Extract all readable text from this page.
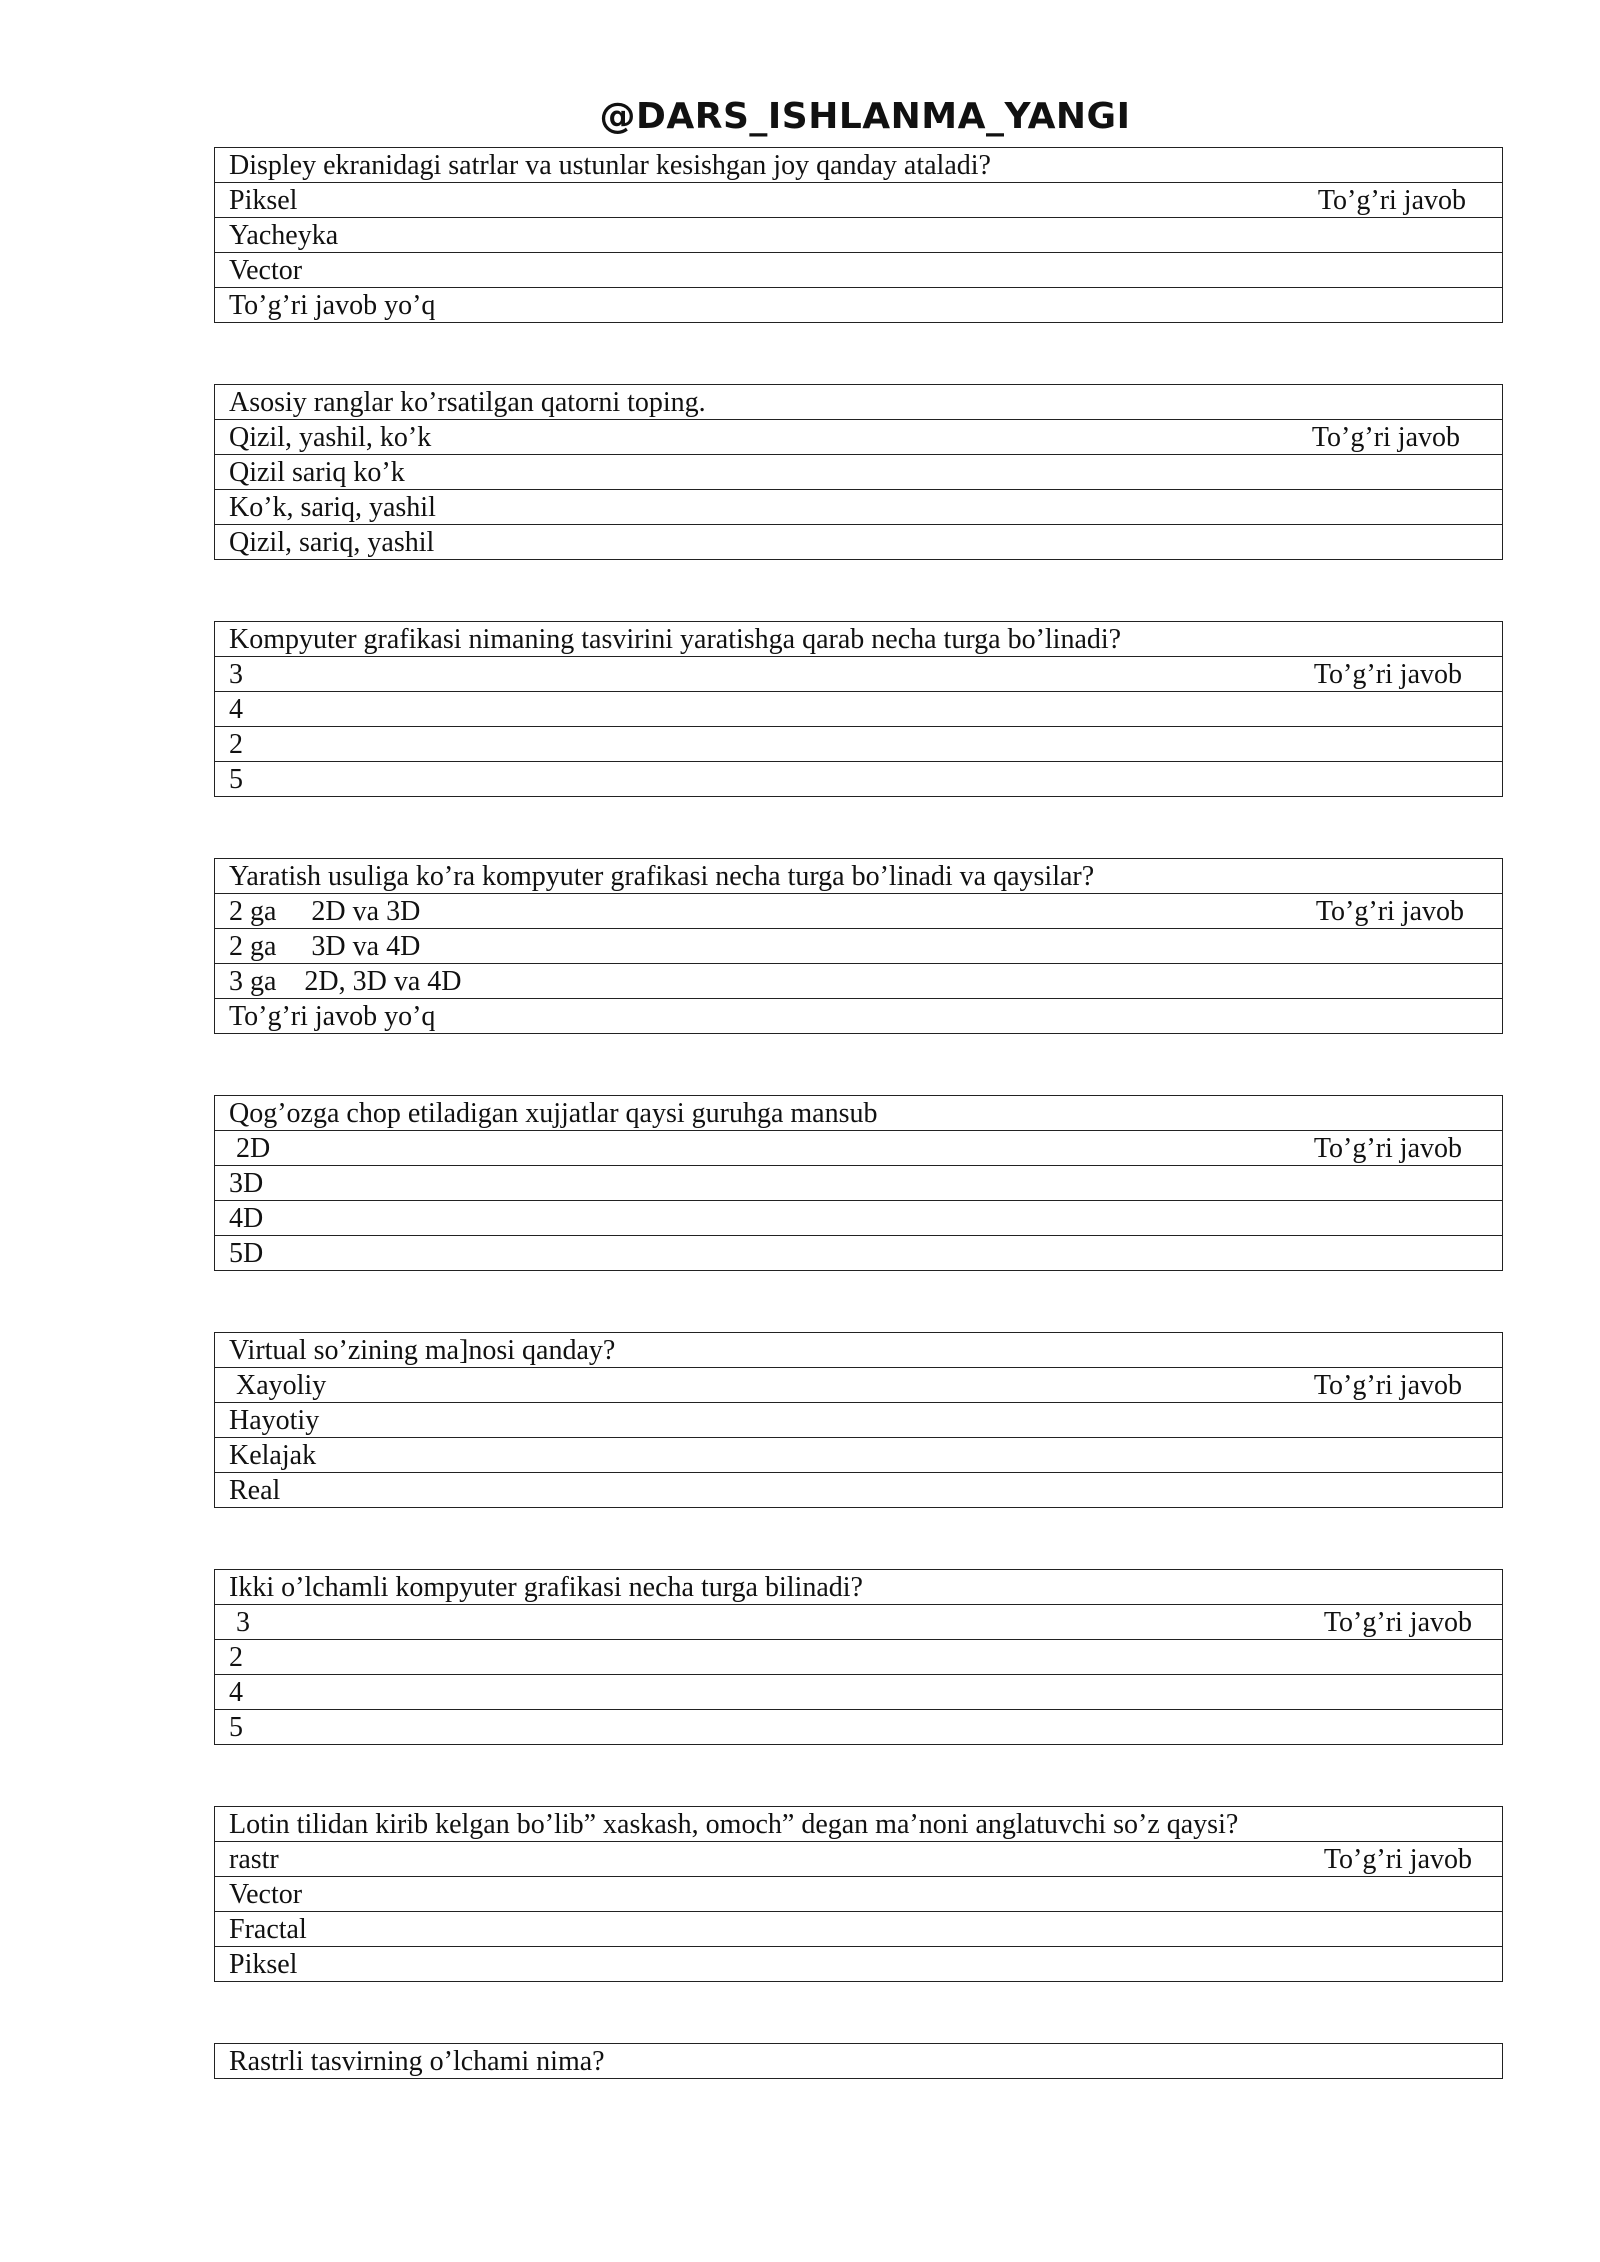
@DARS_ISHLANMA_YANGI
Displey ekranidagi satrlar va ustunlar kesishgan joy qanday ataladi?
Piksel	To’g’ri javob
Yacheyka
Vector
To’g’ri javob yo’q
Asosiy ranglar ko’rsatilgan qatorni toping.
Qizil, yashil, ko’k	To’g’ri javob
Qizil sariq ko’k
Ko’k, sariq, yashil
Qizil, sariq, yashil
Kompyuter grafikasi nimaning tasvirini yaratishga qarab necha turga bo’linadi?
3	To’g’ri javob
4
2
5
Yaratish usuliga ko’ra kompyuter grafikasi necha turga bo’linadi va qaysilar?
2 ga     2D va 3D	To’g’ri javob
2 ga     3D va 4D
3 ga    2D, 3D va 4D
To’g’ri javob yo’q
Qog’ozga chop etiladigan xujjatlar qaysi guruhga mansub
2D	To’g’ri javob
3D
4D
5D
Virtual so’zining ma]nosi qanday?
Xayoliy	To’g’ri javob
Hayotiy
Kelajak
Real
Ikki o’lchamli kompyuter grafikasi necha turga bilinadi?
3	To’g’ri javob
2
4
5
Lotin tilidan kirib kelgan bo’lib” xaskash, omoch” degan ma’noni anglatuvchi so’z qaysi?
rastr	To’g’ri javob
Vector
Fractal
Piksel
Rastrli tasvirning o’lchami nima?
